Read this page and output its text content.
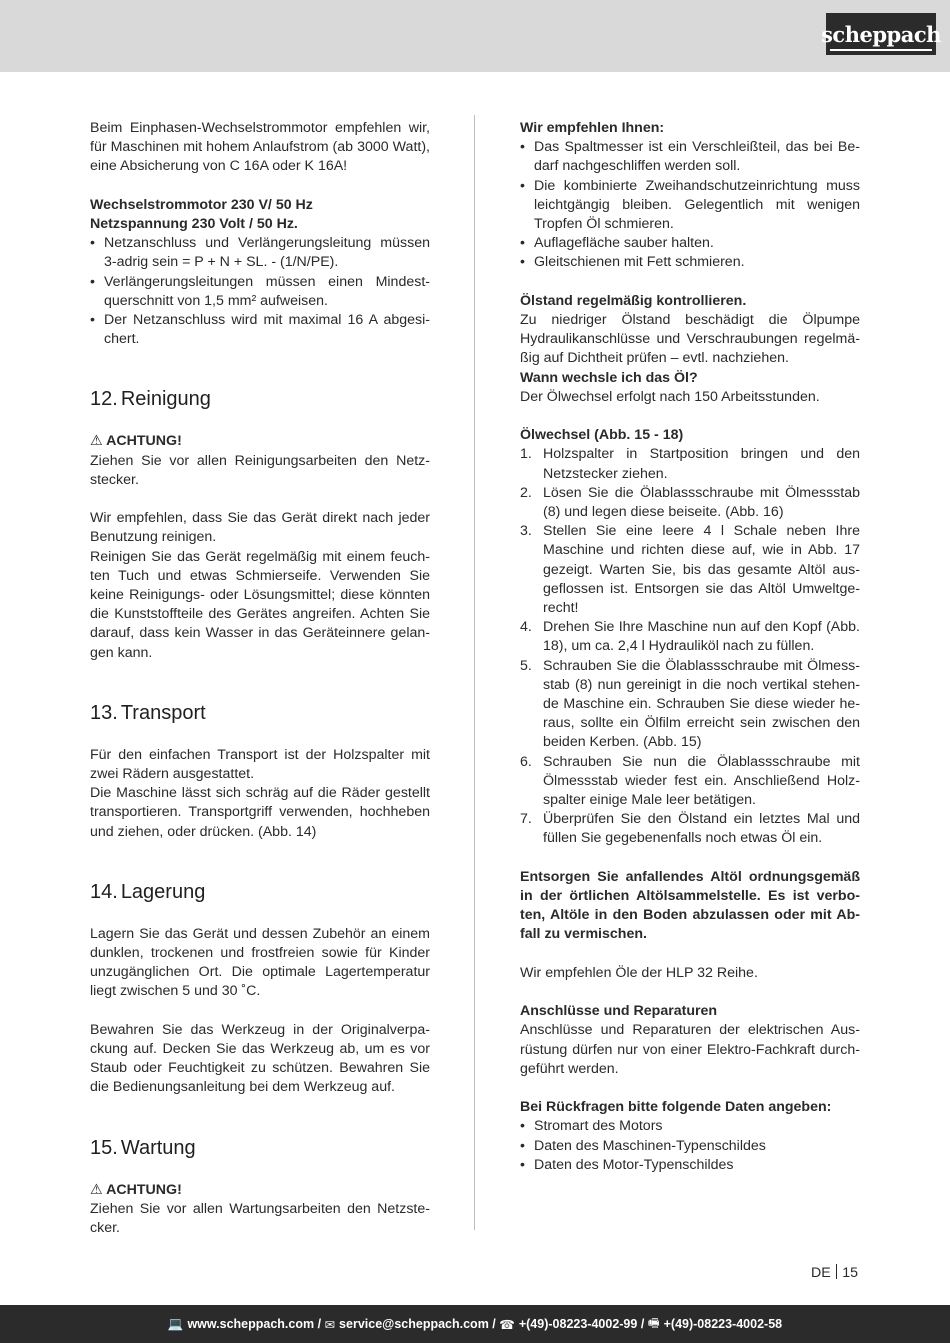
scheppach

Beim Einphasen-Wechselstrommotor empfehlen wir, für Maschinen mit hohem Anlaufstrom (ab 3000 Watt), eine Absicherung von C 16A oder K 16A!

Wechselstrommotor 230 V/ 50 Hz

Netzspannung 230 Volt / 50 Hz.

• Netzanschluss und Verlängerungsleitung müssen 3-adrig sein = P + N + SL. - (1/N/PE).
• Verlängerungsleitungen müssen einen Mindestquerschnitt von 1,5 mm² aufweisen.
• Der Netzanschluss wird mit maximal 16 A abgesichert.
12. Reinigung

⚠ ACHTUNG!

Ziehen Sie vor allen Reinigungsarbeiten den Netzstecker.

Wir empfehlen, dass Sie das Gerät direkt nach jeder Benutzung reinigen.

Reinigen Sie das Gerät regelmäßig mit einem feuchten Tuch und etwas Schmierseife. Verwenden Sie keine Reinigungs- oder Lösungsmittel; diese könnten die Kunststoffteile des Gerätes angreifen. Achten Sie darauf, dass kein Wasser in das Geräteinnere gelangen kann.

13. Transport

Für den einfachen Transport ist der Holzspalter mit zwei Rädern ausgestattet.

Die Maschine lässt sich schräg auf die Räder gestellt transportieren. Transportgriff verwenden, hochheben und ziehen, oder drücken. (Abb. 14)

14. Lagerung

Lagern Sie das Gerät und dessen Zubehör an einem dunklen, trockenen und frostfreien sowie für Kinder unzugänglichen Ort. Die optimale Lagertemperatur liegt zwischen 5 und 30 ˚C.

Bewahren Sie das Werkzeug in der Originalverpackung auf. Decken Sie das Werkzeug ab, um es vor Staub oder Feuchtigkeit zu schützen. Bewahren Sie die Bedienungsanleitung bei dem Werkzeug auf.

15. Wartung

⚠ ACHTUNG!

Ziehen Sie vor allen Wartungsarbeiten den Netzstecker.

Wir empfehlen Ihnen:

• Das Spaltmesser ist ein Verschleißteil, das bei Bedarf nachgeschliffen werden soll.
• Die kombinierte Zweihandschutzeinrichtung muss leichtgängig bleiben. Gelegentlich mit wenigen Tropfen Öl schmieren.
• Auflagefläche sauber halten.
• Gleitschienen mit Fett schmieren.

Ölstand regelmäßig kontrollieren.

Zu niedriger Ölstand beschädigt die Ölpumpe Hydraulikanschlüsse und Verschraubungen regelmäßig auf Dichtheit prüfen – evtl. nachziehen.

Wann wechsle ich das Öl?

Der Ölwechsel erfolgt nach 150 Arbeitsstunden.

Ölwechsel (Abb. 15 - 18)

1. Holzspalter in Startposition bringen und den Netzstecker ziehen.
2. Lösen Sie die Ölablassschraube mit Ölmessstab (8) und legen diese beiseite. (Abb. 16)
3. Stellen Sie eine leere 4 l Schale neben Ihre Maschine und richten diese auf, wie in Abb. 17 gezeigt. Warten Sie, bis das gesamte Altöl ausgeflossen ist. Entsorgen sie das Altöl Umweltgerecht!
4. Drehen Sie Ihre Maschine nun auf den Kopf (Abb. 18), um ca. 2,4 l Hydrauliköl nach zu füllen.
5. Schrauben Sie die Ölablassschraube mit Ölmessstab (8) nun gereinigt in die noch vertikal stehende Maschine ein. Schrauben Sie diese wieder heraus, sollte ein Ölfilm erreicht sein zwischen den beiden Kerben. (Abb. 15)
6. Schrauben Sie nun die Ölablassschraube mit Ölmessstab wieder fest ein. Anschließend Holzspalter einige Male leer betätigen.
7. Überprüfen Sie den Ölstand ein letztes Mal und füllen Sie gegebenenfalls noch etwas Öl ein.

Entsorgen Sie anfallendes Altöl ordnungsgemäß in der örtlichen Altölsammelstelle. Es ist verboten, Altöle in den Boden abzulassen oder mit Abfall zu vermischen.

Wir empfehlen Öle der HLP 32 Reihe.

Anschlüsse und Reparaturen

Anschlüsse und Reparaturen der elektrischen Ausrüstung dürfen nur von einer Elektro-Fachkraft durchgeführt werden.

Bei Rückfragen bitte folgende Daten angeben:

• Stromart des Motors
• Daten des Maschinen-Typenschildes
• Daten des Motor-Typenschildes
DE 15
💻 www.scheppach.com
/
✉ service@scheppach.com
/
☎ +(49)-08223-4002-99
/
🖷 +(49)-08223-4002-58
